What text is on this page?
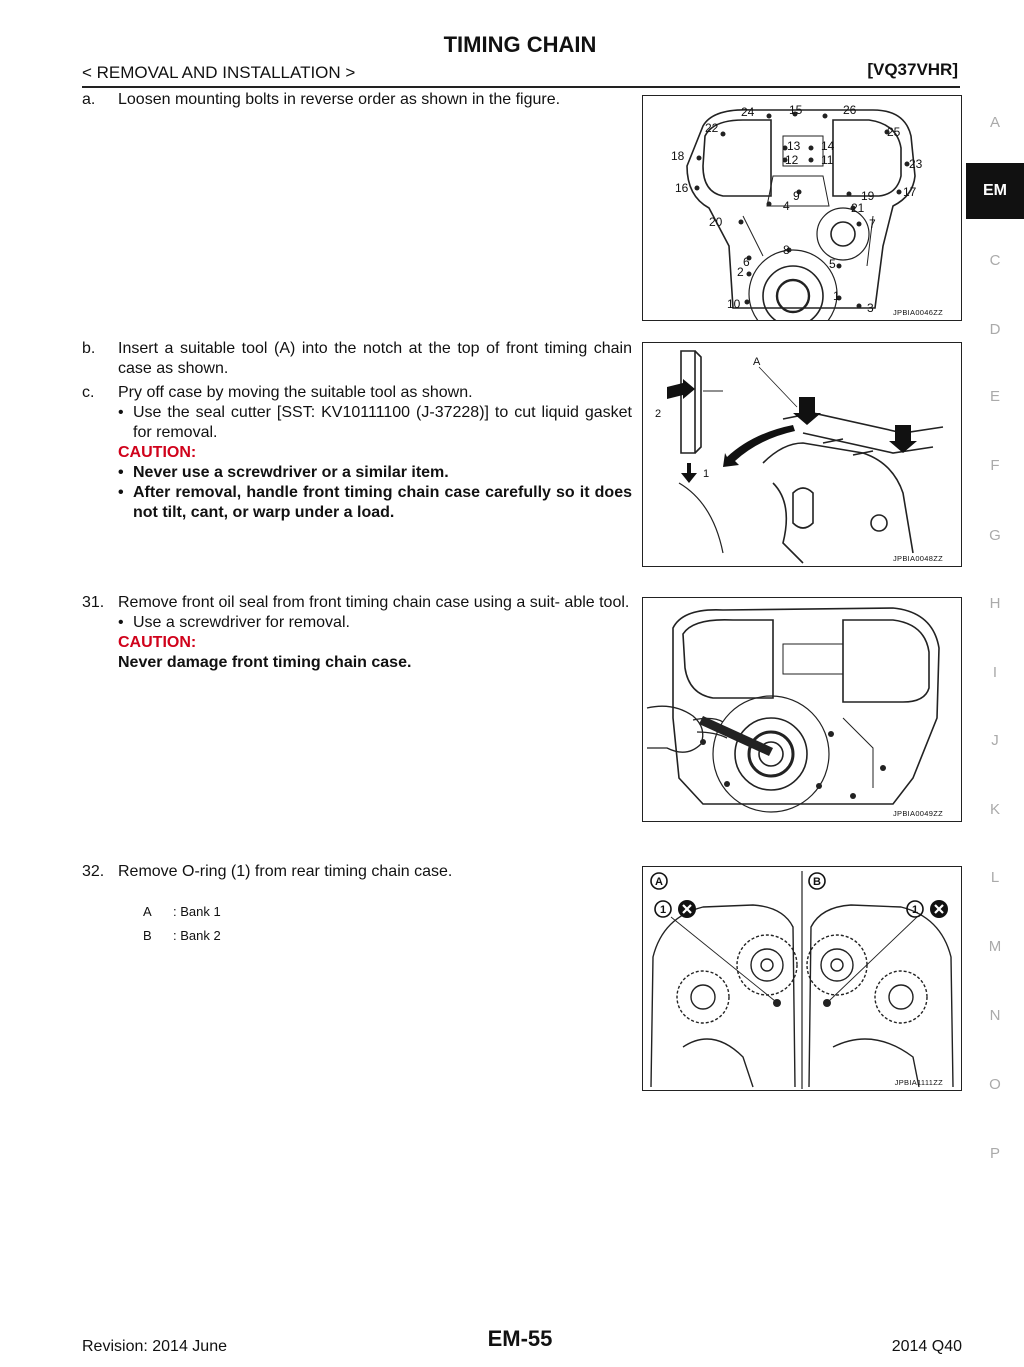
TIMING CHAIN
< REMOVAL AND INSTALLATION >	[VQ37VHR]
a. Loosen mounting bolts in reverse order as shown in the figure.
b. Insert a suitable tool (A) into the notch at the top of front timing chain case as shown.
c. Pry off case by moving the suitable tool as shown.
• Use the seal cutter [SST: KV10111100 (J-37228)] to cut liquid gasket for removal.
CAUTION:
• Never use a screwdriver or a similar item.
• After removal, handle front timing chain case carefully so it does not tilt, cant, or warp under a load.
31. Remove front oil seal from front timing chain case using a suit- able tool.
• Use a screwdriver for removal.
CAUTION:
Never damage front timing chain case.
32. Remove O-ring (1) from rear timing chain case.
A : Bank 1
B : Bank 2
24	15	26
22	25
13 14
12 11
18
23
16	17
9	19
4	21
20	7
8
6	5
2
1
10	3	JPBIA0046ZZ
A
2
1
JPBIA0048ZZ
JPBIA0049ZZ
A	B
1	1
JPBIA1111ZZ
A
EM
C
D
E
F
G
H
I
J
K
L
M
N
O
P
Revision: 2014 June	EM-55	2014 Q40
